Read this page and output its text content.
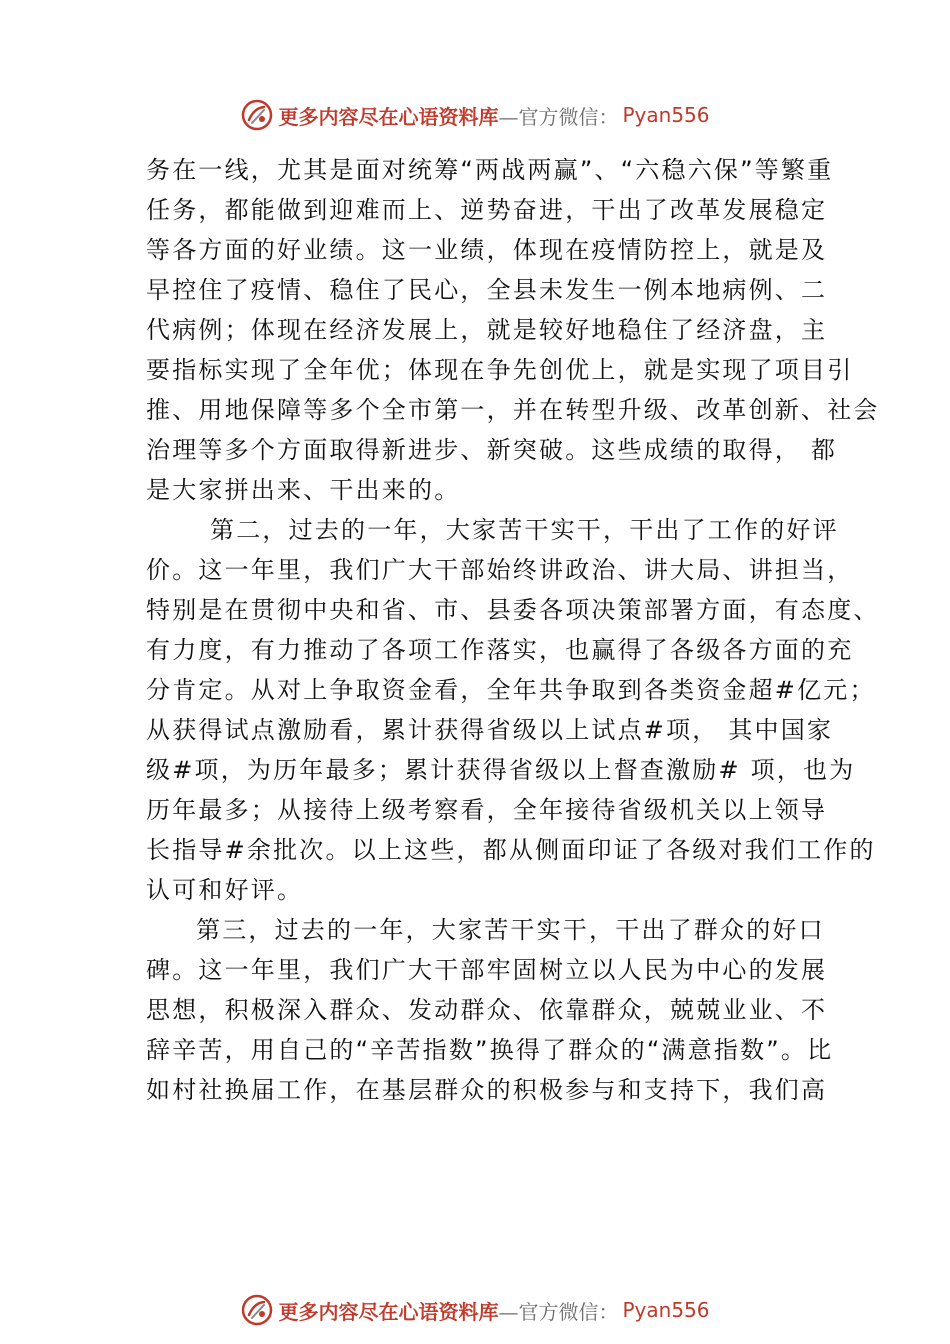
更多内容尽在心语资料库 —官方微信： Pyan556
务在一线，尤其是面对统筹“两战两赢”、“六稳六保”等繁重
任务，都能做到迎难而上、逆势奋进，干出了改革发展稳定
等各方面的好业绩。这一业绩，体现在疫情防控上，就是及
早控住了疫情、稳住了民心，全县未发生一例本地病例、二
代病例；体现在经济发展上，就是较好地稳住了经济盘，主
要指标实现了全年优；体现在争先创优上，就是实现了项目引
推、用地保障等多个全市第一，并在转型升级、改革创新、社会
治理等多个方面取得新进步、新突破。这些成绩的取得， 都
是大家拼出来、干出来的。
第二，过去的一年，大家苦干实干，干出了工作的好评
价。这一年里，我们广大干部始终讲政治、讲大局、讲担当，
特别是在贯彻中央和省、市、县委各项决策部署方面，有态度、
有力度，有力推动了各项工作落实，也赢得了各级各方面的充
分肯定。从对上争取资金看，全年共争取到各类资金超#亿元；
从获得试点激励看，累计获得省级以上试点#项， 其中国家
级#项，为历年最多；累计获得省级以上督查激励# 项，也为
历年最多；从接待上级考察看，全年接待省级机关以上领导
长指导#余批次。以上这些，都从侧面印证了各级对我们工作的
认可和好评。
第三，过去的一年，大家苦干实干，干出了群众的好口
碑。这一年里，我们广大干部牢固树立以人民为中心的发展
思想，积极深入群众、发动群众、依靠群众，兢兢业业、不
辞辛苦，用自己的“辛苦指数”换得了群众的“满意指数”。比
如村社换届工作，在基层群众的积极参与和支持下，我们高
更多内容尽在心语资料库 —官方微信： Pyan556
